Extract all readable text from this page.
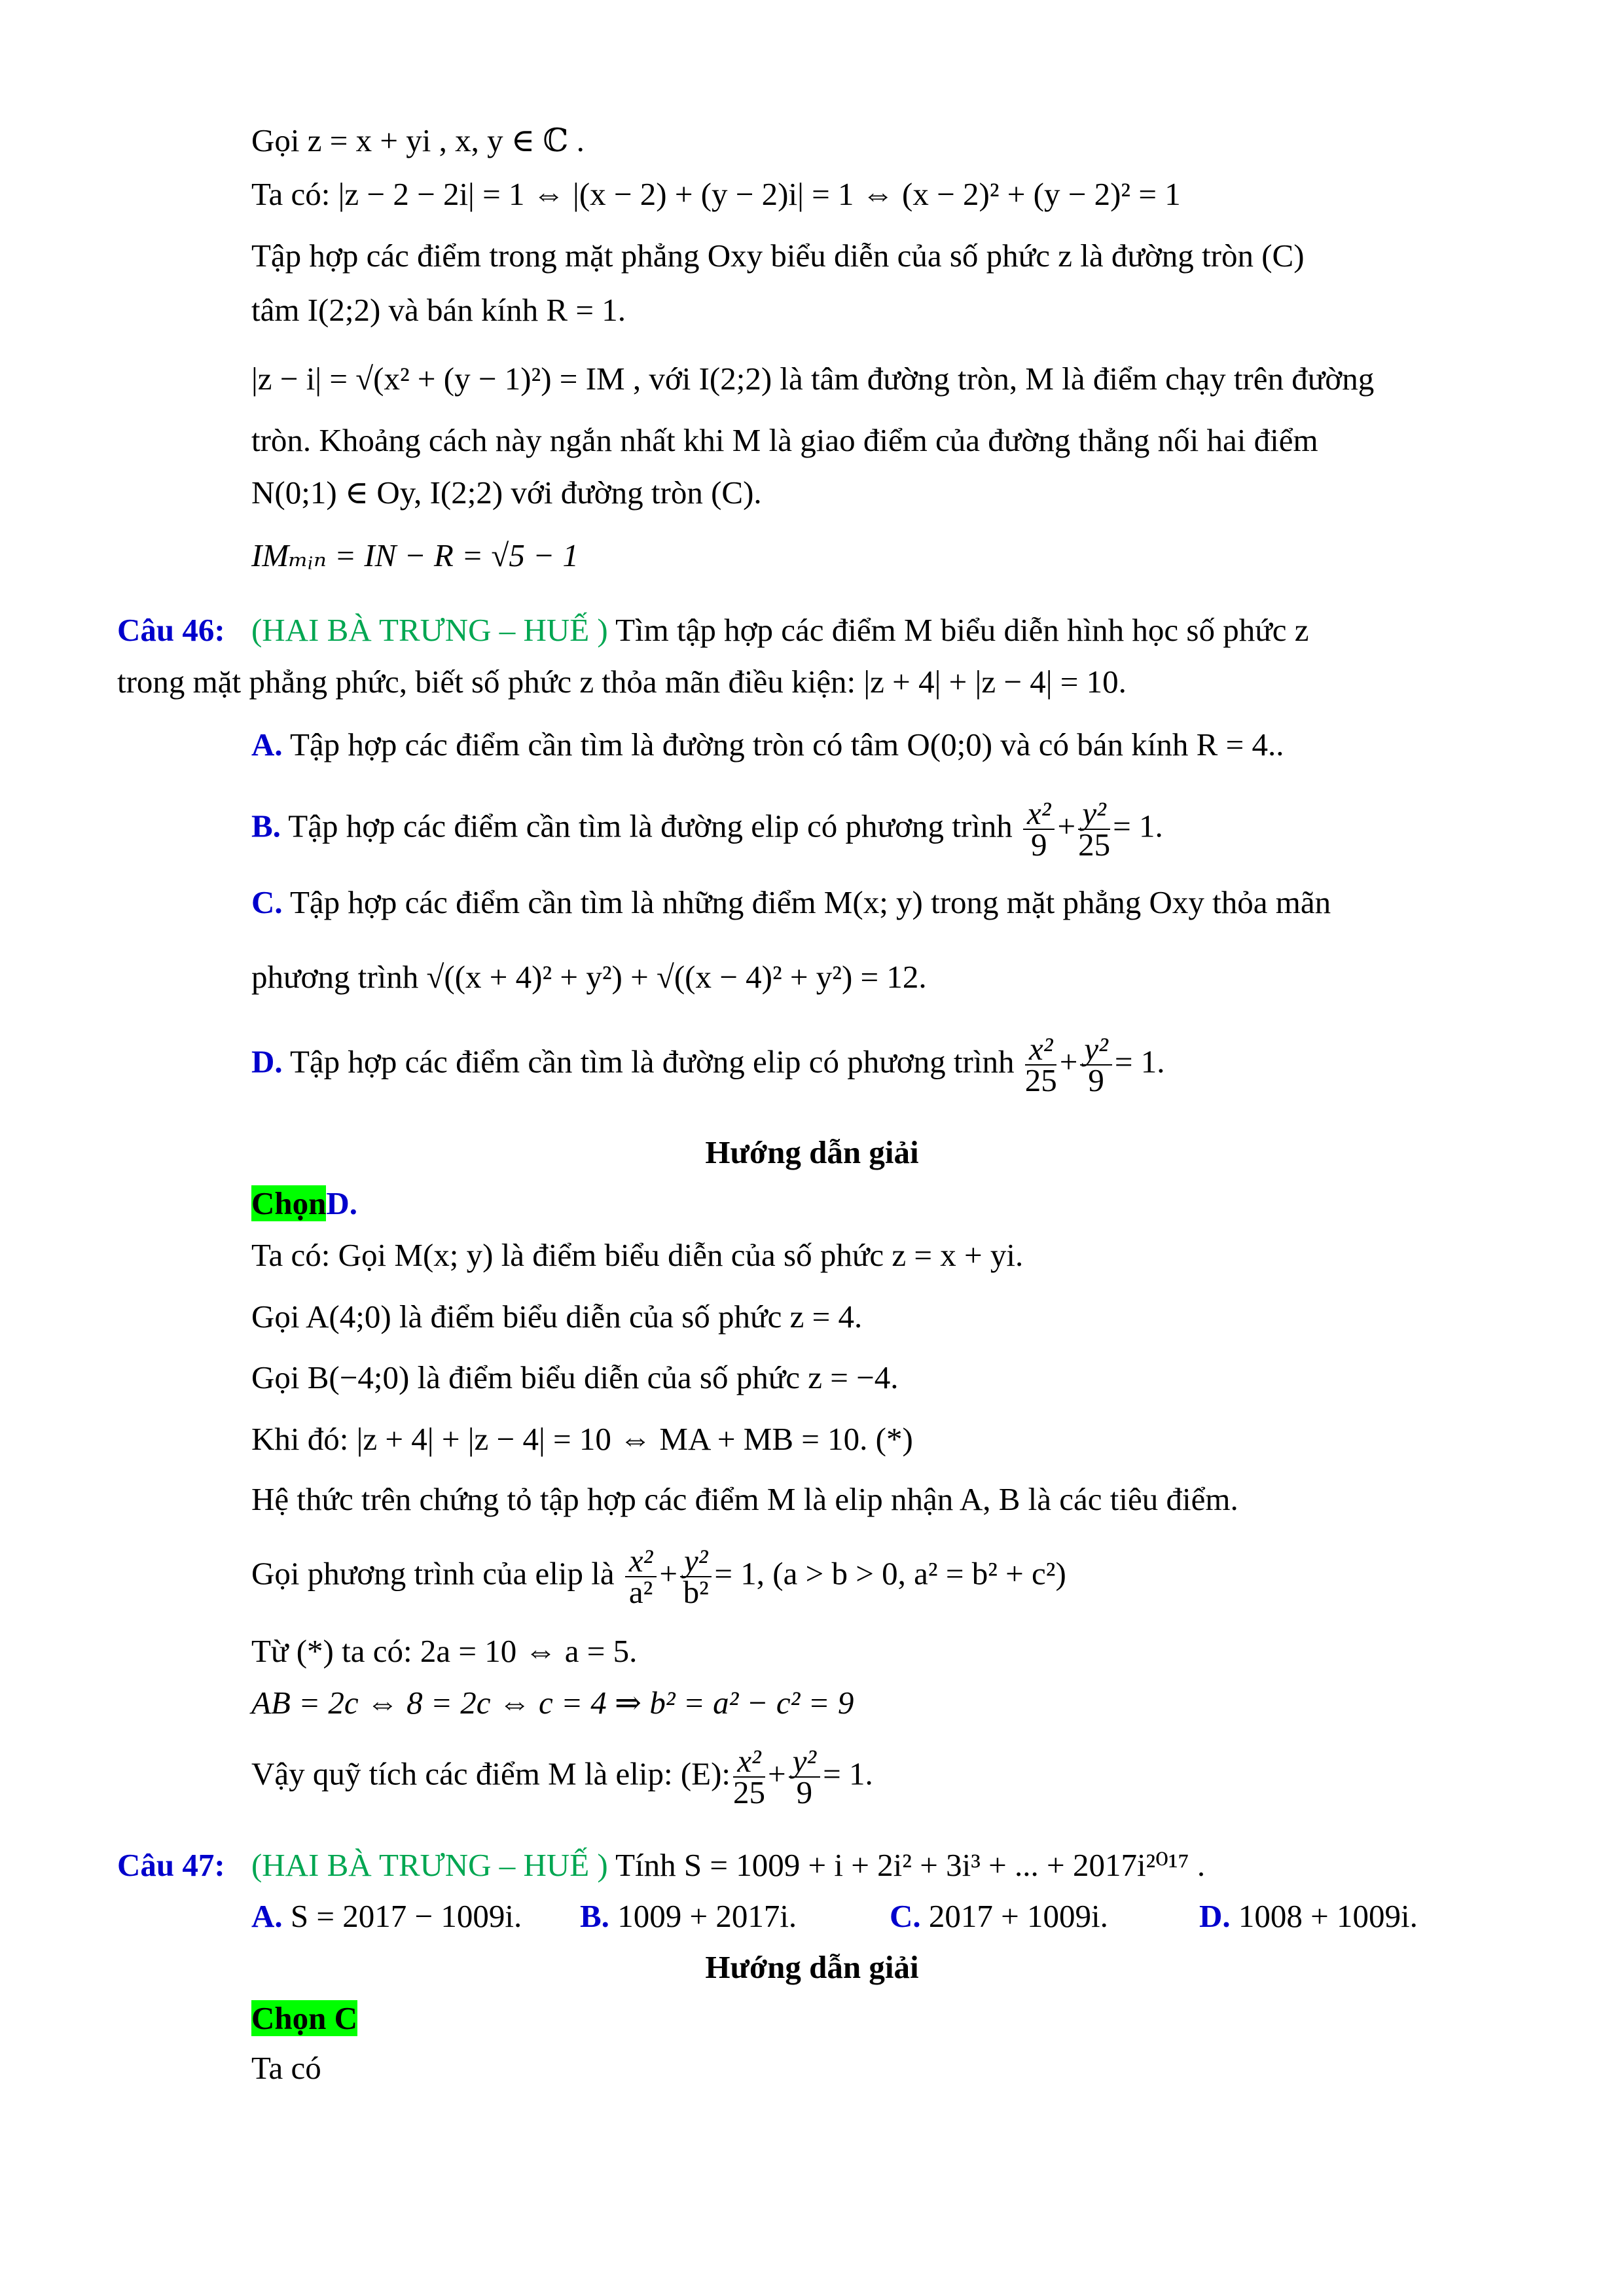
Gọi z = x + yi , x, y ∈ ℂ .
Ta có: |z − 2 − 2i| = 1 ⇔ |(x − 2) + (y − 2)i| = 1 ⇔ (x − 2)² + (y − 2)² = 1
Tập hợp các điểm trong mặt phẳng Oxy biểu diễn của số phức z là đường tròn (C)
tâm I(2;2) và bán kính R = 1.
|z − i| = √(x² + (y − 1)²) = IM , với I(2;2) là tâm đường tròn, M là điểm chạy trên đường
tròn. Khoảng cách này ngắn nhất khi M là giao điểm của đường thẳng nối hai điểm
N(0;1) ∈ Oy, I(2;2) với đường tròn (C).
IMₘᵢₙ = IN − R = √5 − 1
Câu 46: (HAI BÀ TRƯNG – HUẾ ) Tìm tập hợp các điểm M biểu diễn hình học số phức z
trong mặt phẳng phức, biết số phức z thỏa mãn điều kiện: |z + 4| + |z − 4| = 10.
A. Tập hợp các điểm cần tìm là đường tròn có tâm O(0;0) và có bán kính R = 4..
B. Tập hợp các điểm cần tìm là đường elip có phương trình $\frac{\text{x²}}{9} + \frac{\text{y²}}{25} = 1$.
C. Tập hợp các điểm cần tìm là những điểm M(x; y) trong mặt phẳng Oxy thỏa mãn
phương trình √((x + 4)² + y²) + √((x − 4)² + y²) = 12.
D. Tập hợp các điểm cần tìm là đường elip có phương trình $\frac{\text{x²}}{25} + \frac{\text{y²}}{9} = 1$.
Hướng dẫn giải
ChọnD.
Ta có: Gọi M(x; y) là điểm biểu diễn của số phức z = x + yi.
Gọi A(4;0) là điểm biểu diễn của số phức z = 4.
Gọi B(−4;0) là điểm biểu diễn của số phức z = −4.
Khi đó: |z + 4| + |z − 4| = 10 ⇔ MA + MB = 10. (*)
Hệ thức trên chứng tỏ tập hợp các điểm M là elip nhận A, B là các tiêu điểm.
Gọi phương trình của elip là $\frac{\text{x²}}{\text{a²}} + \frac{\text{y²}}{\text{b²}} = 1$, (a > b > 0, a² = b² + c²)
Từ (*) ta có: 2a = 10 ⇔ a = 5.
AB = 2c ⇔ 8 = 2c ⇔ c = 4 ⇒ b² = a² − c² = 9
Vậy quỹ tích các điểm M là elip: (E): $\frac{\text{x²}}{25} + \frac{\text{y²}}{9} = 1$.
Câu 47: (HAI BÀ TRƯNG – HUẾ ) Tính S = 1009 + i + 2i² + 3i³ + ... + 2017i²⁰¹⁷ .
A. S = 2017 − 1009i. B. 1009 + 2017i.	C. 2017 + 1009i.	D. 1008 + 1009i.
Hướng dẫn giải
Chọn C
Ta có
